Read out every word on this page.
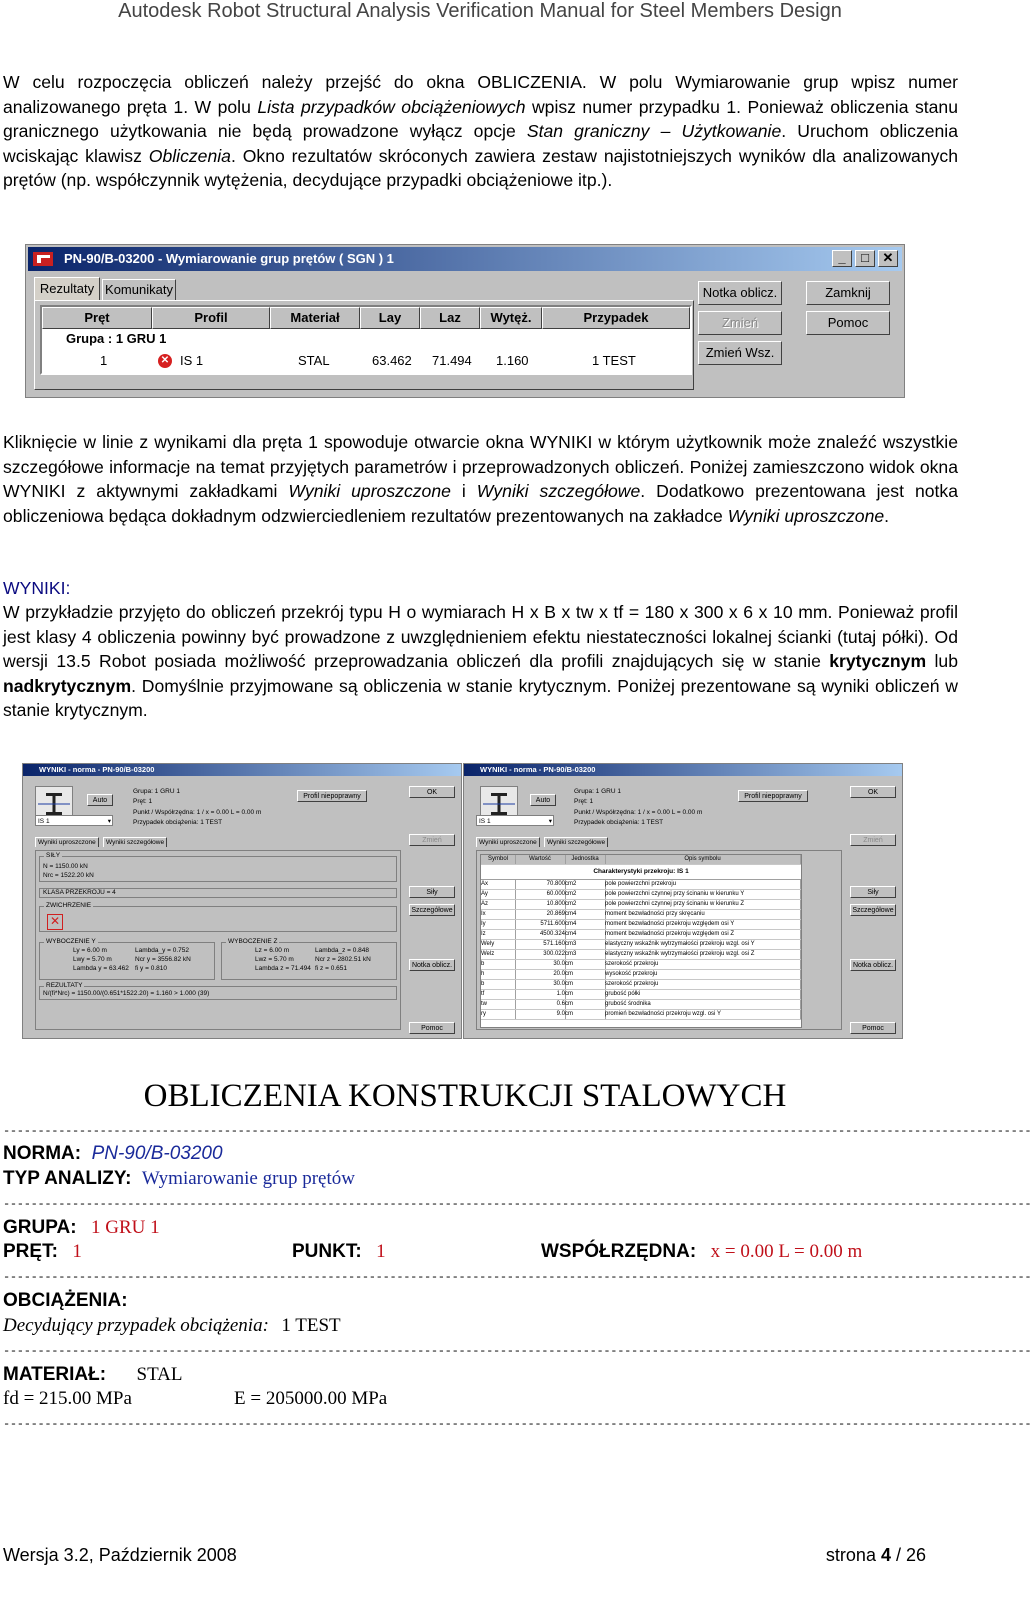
Autodesk Robot Structural Analysis Verification Manual for Steel Members Design
W celu rozpoczęcia obliczeń należy przejść do okna OBLICZENIA. W polu Wymiarowanie grup wpisz numer analizowanego pręta 1. W polu Lista przypadków obciążeniowych wpisz numer przypadku 1. Ponieważ obliczenia stanu granicznego użytkowania nie będą prowadzone wyłącz opcje Stan graniczny – Użytkowanie. Uruchom obliczenia wciskając klawisz Obliczenia. Okno rezultatów skróconych zawiera zestaw najistotniejszych wyników dla analizowanych prętów (np. współczynnik wytężenia, decydujące przypadki obciążeniowe itp.).
PN-90/B-03200 - Wymiarowanie grup prętów ( SGN ) 1	_	□	✕
Rezultaty Komunikaty
Pręt	Profil	Materiał	Lay	Laz	Wytęż.	Przypadek
Grupa : 1 GRU 1
1	✕ IS 1	STAL	63.462 71.494 1.160	1 TEST
Notka oblicz.	Zamknij
Zmień	Pomoc
Zmień Wsz.
Kliknięcie w linie z wynikami dla pręta 1 spowoduje otwarcie okna WYNIKI w którym użytkownik może znaleźć wszystkie szczegółowe informacje na temat przyjętych parametrów i przeprowadzonych obliczeń. Poniżej zamieszczono widok okna WYNIKI z aktywnymi zakładkami Wyniki uproszczone i Wyniki szczegółowe. Dodatkowo prezentowana jest notka obliczeniowa będąca dokładnym odzwierciedleniem rezultatów prezentowanych na zakładce Wyniki uproszczone.
WYNIKI:
W przykładzie przyjęto do obliczeń przekrój typu H o wymiarach H x B x tw x tf = 180 x 300 x 6 x 10 mm. Ponieważ profil jest klasy 4 obliczenia powinny być prowadzone z uwzględnieniem efektu niestateczności lokalnej ścianki (tutaj półki). Od wersji 13.5 Robot posiada możliwość przeprowadzania obliczeń dla profili znajdujących się w stanie krytycznym lub nadkrytycznym. Domyślnie przyjmowane są obliczenia w stanie krytycznym. Poniżej prezentowane są wyniki obliczeń w stanie krytycznym.
WYNIKI - norma - PN-90/B-03200
Auto
Grupa: 1 GRU 1
Pręt: 1
Punkt / Współrzędna: 1 / x = 0.00 L = 0.00 m
Przypadek obciążenia: 1 TEST
Profil niepoprawny
IS 1	▾
OK
Zmień
Siły
Szczegółowe
Notka oblicz.
Pomoc
Wyniki uproszczone	Wyniki szczegółowe
SIŁY
N = 1150.00 kN
Nrc = 1522.20 kN
KLASA PRZEKROJU = 4
ZWICHRZENIE
✕
WYBOCZENIE Y
Ly = 6.00 m	Lambda_y = 0.752
Lwy = 5.70 m	Ncr y = 3556.82 kN
Lambda y = 63.462 fi y = 0.810
WYBOCZENIE Z
Lz = 6.00 m	Lambda_z = 0.848
Lwz = 5.70 m	Ncr z = 2802.51 kN
Lambda z = 71.494 fi z = 0.651
REZULTATY
N/(fi*Nrc) = 1150.00/(0.651*1522.20) = 1.160 > 1.000 (39)
WYNIKI - norma - PN-90/B-03200
Auto
Grupa: 1 GRU 1
Pręt: 1
Punkt / Współrzędna: 1 / x = 0.00 L = 0.00 m
Przypadek obciążenia: 1 TEST
Profil niepoprawny
IS 1	▾
OK
Zmień
Siły
Szczegółowe
Notka oblicz.
Pomoc
Wyniki uproszczone	Wyniki szczegółowe
Symbol	Wartość	Jednostka	Opis symbolu
Charakterystyki przekroju: IS 1
Ax	70.800 cm2	pole powierzchni przekroju
Ay	60.000 cm2	pole powierzchni czynnej przy ścinaniu w kierunku Y
Az	10.800 cm2	pole powierzchni czynnej przy ścinaniu w kierunku Z
Ix	20.869 cm4	moment bezwładności przy skręcaniu
Iy	5711.600 cm4	moment bezwładności przekroju względem osi Y
Iz	4500.324 cm4	moment bezwładności przekroju względem osi Z
Wely	571.160 cm3	elastyczny wskaźnik wytrzymałości przekroju wzgl. osi Y
Welz	300.022 cm3	elastyczny wskaźnik wytrzymałości przekroju wzgl. osi Z
b	30.0 cm	szerokość przekroju
h	20.0 cm	wysokość przekroju
b	30.0 cm	szerokość przekroju
tf	1.0 cm	grubość półki
tw	0.6 cm	grubość środnika
ry	9.0 cm	promień bezwładności przekroju wzgl. osi Y
OBLICZENIA KONSTRUKCJI STALOWYCH
-----------------------------------------------------------------------------------------------------------------------------------------------------
NORMA: PN-90/B-03200
TYP ANALIZY: Wymiarowanie grup prętów
-----------------------------------------------------------------------------------------------------------------------------------------------------
GRUPA: 1 GRU 1
PRĘT: 1	PUNKT: 1	WSPÓŁRZĘDNA: x = 0.00 L = 0.00 m
-----------------------------------------------------------------------------------------------------------------------------------------------------
OBCIĄŻENIA:
Decydujący przypadek obciążenia: 1 TEST
-----------------------------------------------------------------------------------------------------------------------------------------------------
MATERIAŁ: STAL
fd = 215.00 MPa	E = 205000.00 MPa
-----------------------------------------------------------------------------------------------------------------------------------------------------
Wersja 3.2, Październik 2008	strona 4 / 26
